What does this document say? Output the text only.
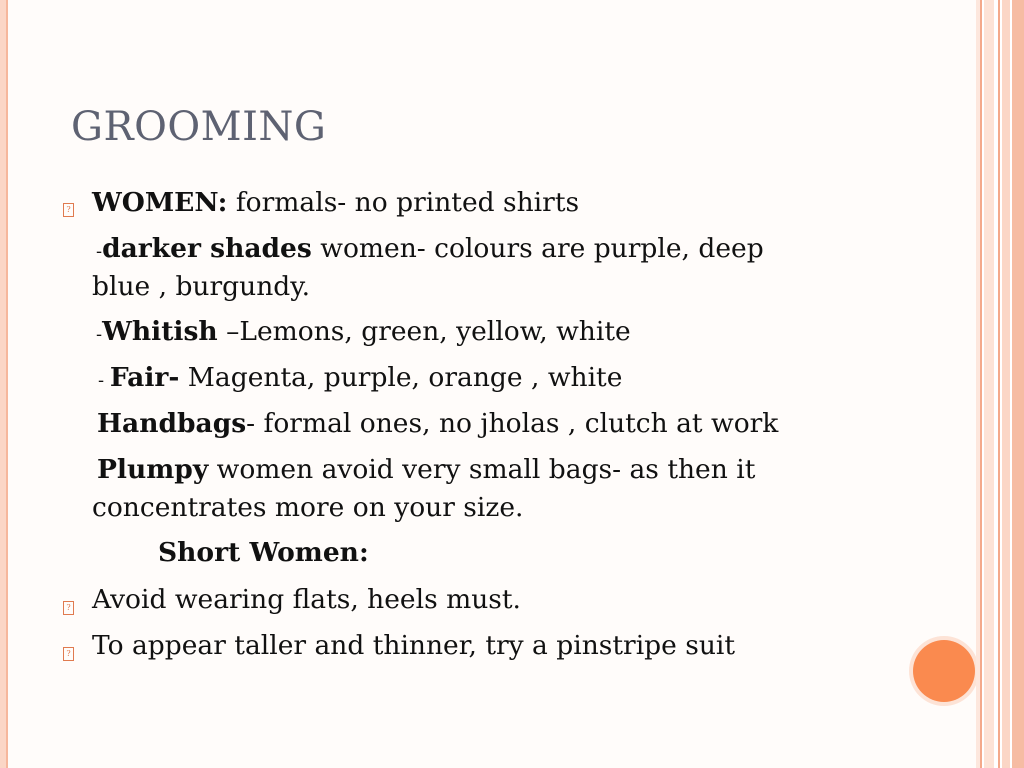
GROOMING
? WOMEN: formals- no printed shirts
-darker shades women- colours are purple, deep
blue , burgundy.
-Whitish –Lemons, green, yellow, white
- Fair- Magenta, purple, orange , white
Handbags- formal ones, no jholas , clutch at work
Plumpy women avoid very small bags- as then it
concentrates more on your size.
Short Women:
? Avoid wearing flats, heels must.
? To appear taller and thinner, try a pinstripe suit
